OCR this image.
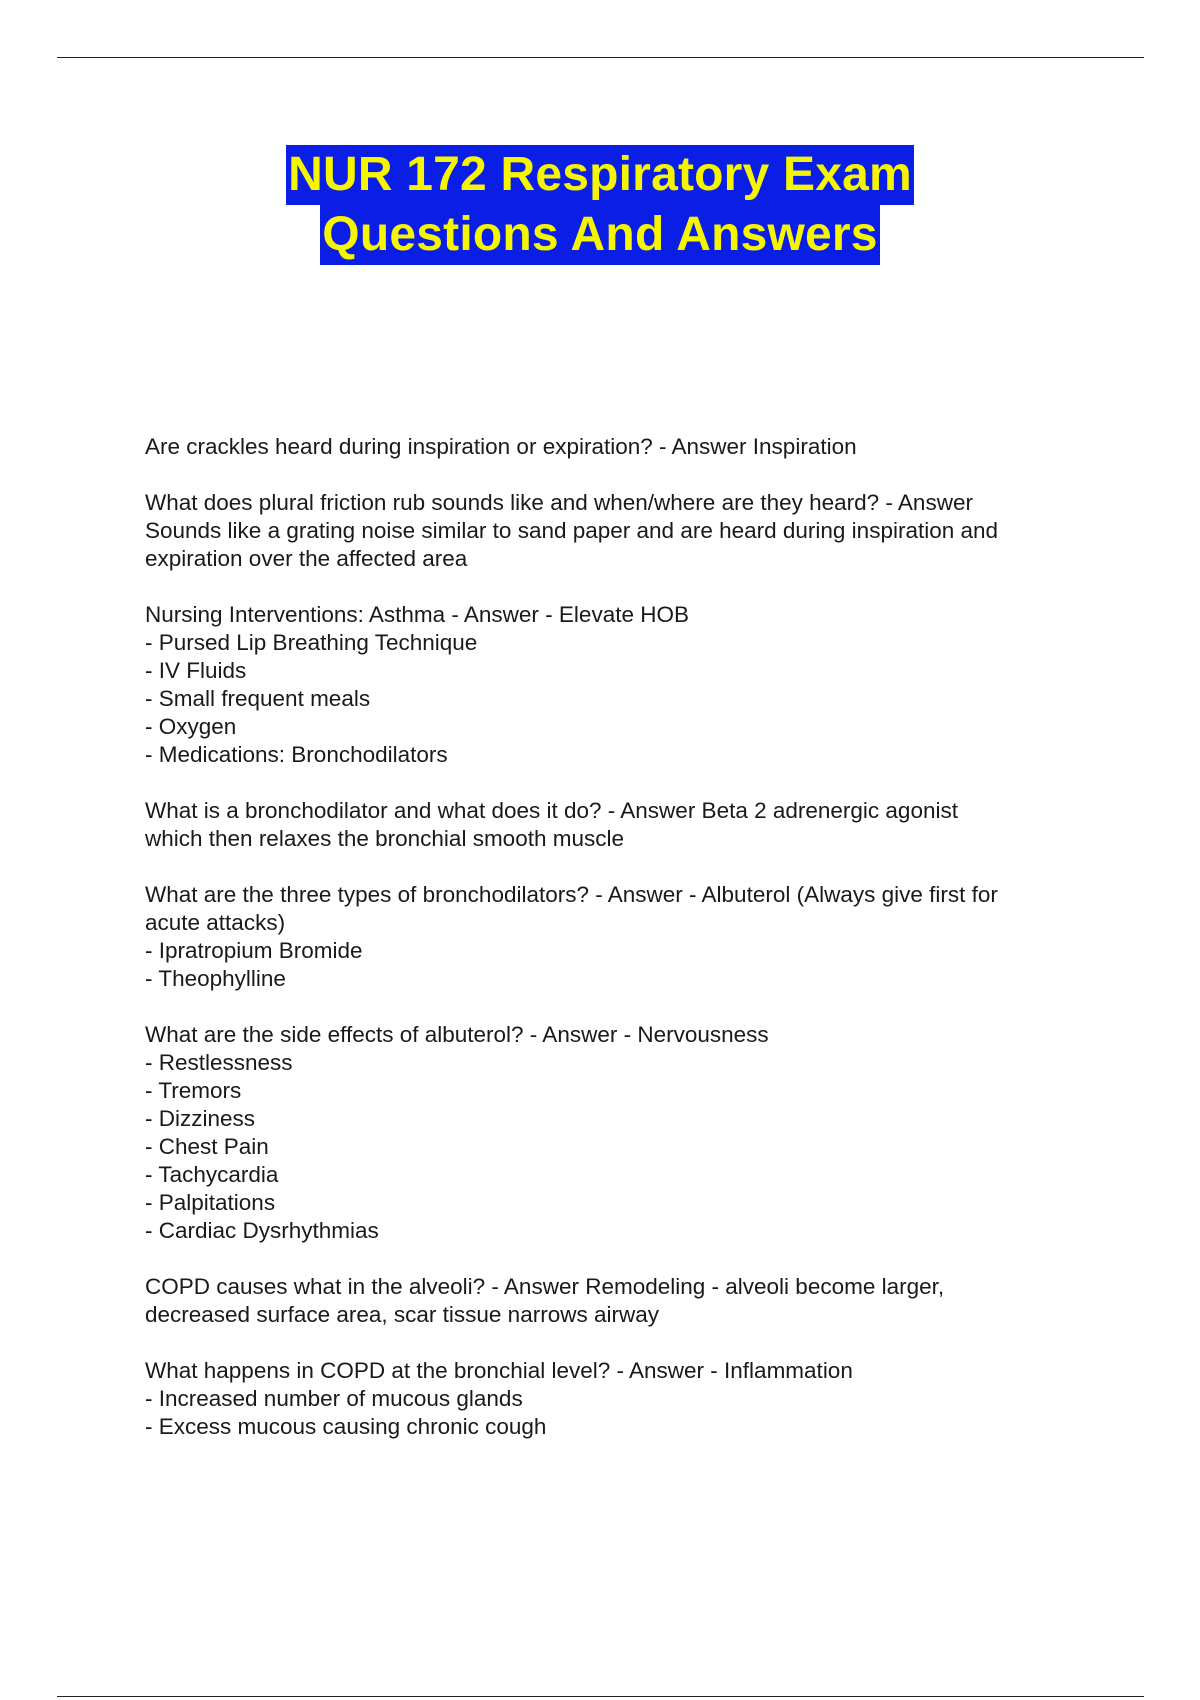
NUR 172 Respiratory Exam
Questions And Answers
Are crackles heard during inspiration or expiration? - Answer Inspiration
What does plural friction rub sounds like and when/where are they heard? - Answer
Sounds like a grating noise similar to sand paper and are heard during inspiration and
expiration over the affected area
Nursing Interventions: Asthma - Answer - Elevate HOB
- Pursed Lip Breathing Technique
- IV Fluids
- Small frequent meals
- Oxygen
- Medications: Bronchodilators
What is a bronchodilator and what does it do? - Answer Beta 2 adrenergic agonist
which then relaxes the bronchial smooth muscle
What are the three types of bronchodilators? - Answer - Albuterol (Always give first for
acute attacks)
- Ipratropium Bromide
- Theophylline
What are the side effects of albuterol? - Answer - Nervousness
- Restlessness
- Tremors
- Dizziness
- Chest Pain
- Tachycardia
- Palpitations
- Cardiac Dysrhythmias
COPD causes what in the alveoli? - Answer Remodeling - alveoli become larger,
decreased surface area, scar tissue narrows airway
What happens in COPD at the bronchial level? - Answer - Inflammation
- Increased number of mucous glands
- Excess mucous causing chronic cough
